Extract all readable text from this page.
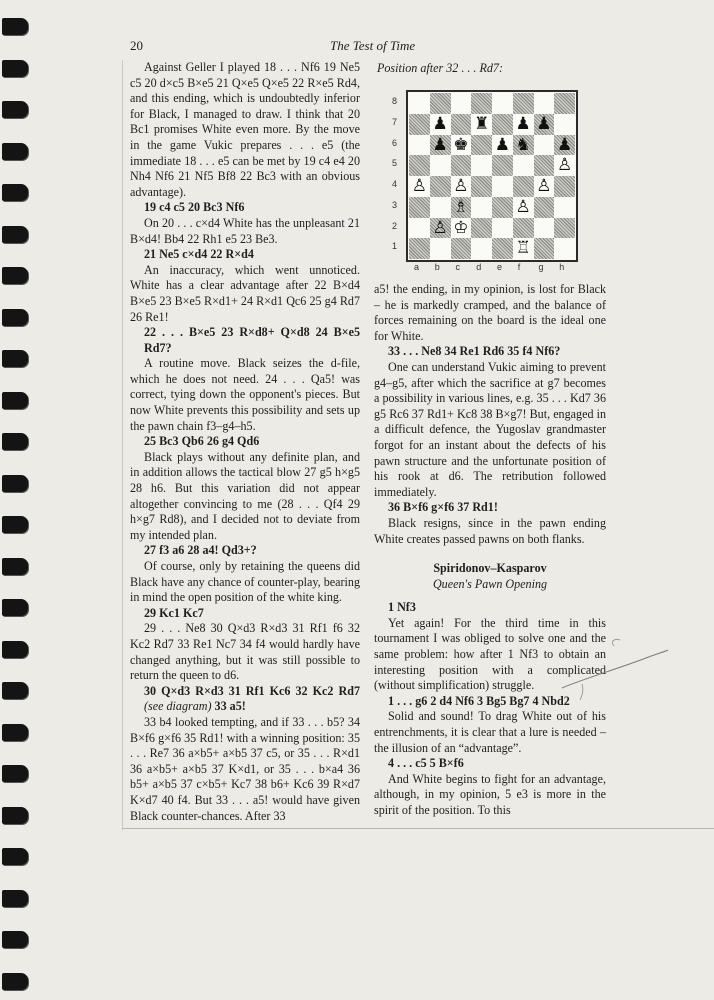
20	The Test of Time

Against Geller I played 18 . . . Nf6 19 Ne5 c5 20 d×c5 B×e5 21 Q×e5 Q×e5 22 R×e5 Rd4, and this ending, which is undoubtedly inferior for Black, I managed to draw. I think that 20 Bc1 promises White even more. By the move in the game Vukic prepares . . . e5 (the immediate 18 . . . e5 can be met by 19 c4 e4 20 Nh4 Nf6 21 Nf5 Bf8 22 Bc3 with an obvious advantage).

19 c4 c5 20 Bc3 Nf6

On 20 . . . c×d4 White has the unpleasant 21 B×d4! Bb4 22 Rh1 e5 23 Be3.

21 Ne5 c×d4 22 R×d4

An inaccuracy, which went unnoticed. White has a clear advantage after 22 B×d4 B×e5 23 B×e5 R×d1+ 24 R×d1 Qc6 25 g4 Rd7 26 Re1!

22 . . . B×e5 23 R×d8+ Q×d8 24 B×e5 Rd7?

A routine move. Black seizes the d-file, which he does not need. 24 . . . Qa5! was correct, tying down the opponent's pieces. But now White prevents this possibility and sets up the pawn chain f3–g4–h5.

25 Bc3 Qb6 26 g4 Qd6

Black plays without any definite plan, and in addition allows the tactical blow 27 g5 h×g5 28 h6. But this variation did not appear altogether convincing to me (28 . . . Qf4 29 h×g7 Rd8), and I decided not to deviate from my intended plan.

27 f3 a6 28 a4! Qd3+?

Of course, only by retaining the queens did Black have any chance of counter-play, bearing in mind the open position of the white king.

29 Kc1 Kc7

29 . . . Ne8 30 Q×d3 R×d3 31 Rf1 f6 32 Kc2 Rd7 33 Re1 Nc7 34 f4 would hardly have changed anything, but it was still possible to return the queen to d6.

30 Q×d3 R×d3 31 Rf1 Kc6 32 Kc2 Rd7 (see diagram) 33 a5!

33 b4 looked tempting, and if 33 . . . b5? 34 B×f6 g×f6 35 Rd1! with a winning position: 35 . . . Re7 36 a×b5+ a×b5 37 c5, or 35 . . . R×d1 36 a×b5+ a×b5 37 K×d1, or 35 . . . b×a4 36 b5+ a×b5 37 c×b5+ Kc7 38 b6+ Kc6 39 R×d7 K×d7 40 f4. But 33 . . . a5! would have given Black counter-chances. After 33

Position after 32 . . . Rd7:
♟ ♜ ♟ ♟
♟ ♚ ♟ ♞ ♟
♙
♙ ♙	♙
♗	♙
♙ ♔
♖
8
7
6
5
4
3
2
1
a b c d e f g h

a5! the ending, in my opinion, is lost for Black – he is markedly cramped, and the balance of forces remaining on the board is the ideal one for White.

33 . . . Ne8 34 Re1 Rd6 35 f4 Nf6?

One can understand Vukic aiming to prevent g4–g5, after which the sacrifice at g7 becomes a possibility in various lines, e.g. 35 . . . Kd7 36 g5 Rc6 37 Rd1+ Kc8 38 B×g7! But, engaged in a difficult defence, the Yugoslav grandmaster forgot for an instant about the defects of his pawn structure and the unfortunate position of his rook at d6. The retribution followed immediately.

36 B×f6 g×f6 37 Rd1!

Black resigns, since in the pawn ending White creates passed pawns on both flanks.

Spiridonov–Kasparov
Queen's Pawn Opening

1 Nf3

Yet again! For the third time in this tournament I was obliged to solve one and the same problem: how after 1 Nf3 to obtain an interesting position with a complicated (without simplification) struggle.

1 . . . g6 2 d4 Nf6 3 Bg5 Bg7 4 Nbd2

Solid and sound! To drag White out of his entrenchments, it is clear that a lure is needed – the illusion of an “advantage”.

4 . . . c5 5 B×f6

And White begins to fight for an advantage, although, in my opinion, 5 e3 is more in the spirit of the position. To this
